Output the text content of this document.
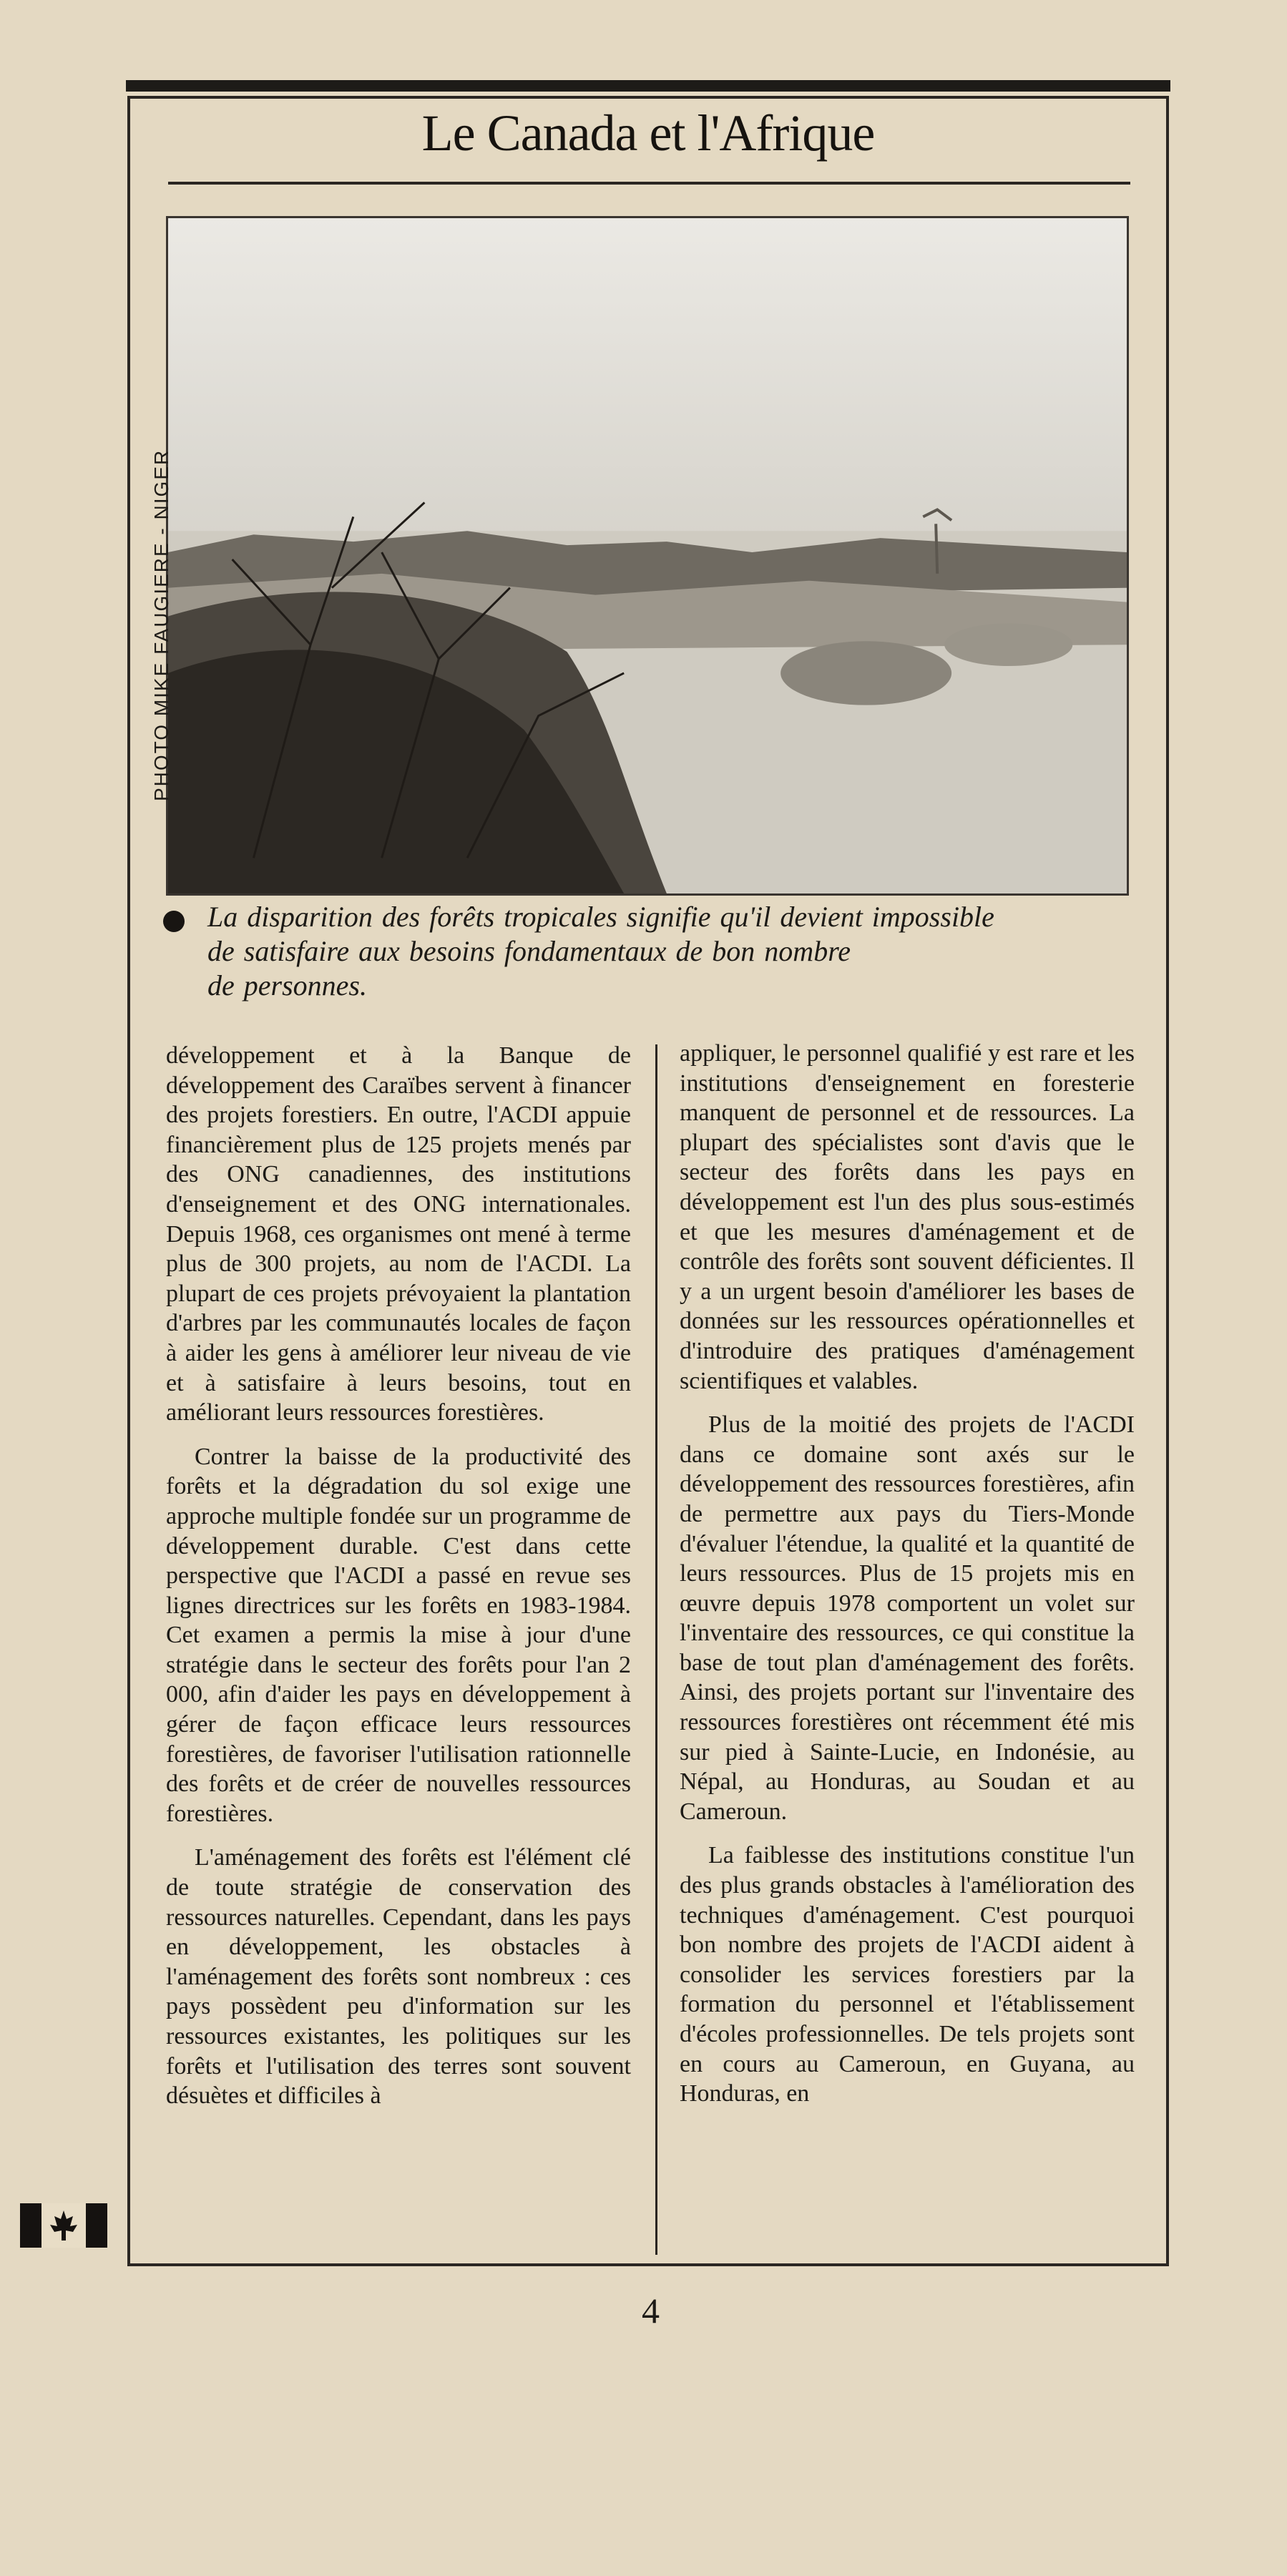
Le Canada et l'Afrique
PHOTO MIKE FAUGIERE - NIGER
La disparition des forêts tropicales signifie qu'il devient impossible
de satisfaire aux besoins fondamentaux de bon nombre
de personnes.

développement et à la Banque de développement des Caraïbes servent à financer des projets forestiers. En outre, l'ACDI appuie financièrement plus de 125 projets menés par des ONG canadiennes, des institutions d'enseignement et des ONG internationales. Depuis 1968, ces organismes ont mené à terme plus de 300 projets, au nom de l'ACDI. La plupart de ces projets prévoyaient la plantation d'arbres par les communautés locales de façon à aider les gens à améliorer leur niveau de vie et à satisfaire à leurs besoins, tout en améliorant leurs ressources forestières.

Contrer la baisse de la productivité des forêts et la dégradation du sol exige une approche multiple fondée sur un programme de développement durable. C'est dans cette perspective que l'ACDI a passé en revue ses lignes directrices sur les forêts en 1983-1984. Cet examen a permis la mise à jour d'une stratégie dans le secteur des forêts pour l'an 2 000, afin d'aider les pays en développement à gérer de façon efficace leurs ressources forestières, de favoriser l'utilisation rationnelle des forêts et de créer de nouvelles ressources forestières.

L'aménagement des forêts est l'élément clé de toute stratégie de conservation des ressources naturelles. Cependant, dans les pays en développement, les obstacles à l'aménagement des forêts sont nombreux : ces pays possèdent peu d'information sur les ressources existantes, les politiques sur les forêts et l'utilisation des terres sont souvent désuètes et difficiles à

appliquer, le personnel qualifié y est rare et les institutions d'enseignement en foresterie manquent de personnel et de ressources. La plupart des spécialistes sont d'avis que le secteur des forêts dans les pays en développement est l'un des plus sous-estimés et que les mesures d'aménagement et de contrôle des forêts sont souvent déficientes. Il y a un urgent besoin d'améliorer les bases de données sur les ressources opérationnelles et d'introduire des pratiques d'aménagement scientifiques et valables.

Plus de la moitié des projets de l'ACDI dans ce domaine sont axés sur le développement des ressources forestières, afin de permettre aux pays du Tiers-Monde d'évaluer l'étendue, la qualité et la quantité de leurs ressources. Plus de 15 projets mis en œuvre depuis 1978 comportent un volet sur l'inventaire des ressources, ce qui constitue la base de tout plan d'aménagement des forêts. Ainsi, des projets portant sur l'inventaire des ressources forestières ont récemment été mis sur pied à Sainte-Lucie, en Indonésie, au Népal, au Honduras, au Soudan et au Cameroun.

La faiblesse des institutions constitue l'un des plus grands obstacles à l'amélioration des techniques d'aménagement. C'est pourquoi bon nombre des projets de l'ACDI aident à consolider les services forestiers par la formation du personnel et l'établissement d'écoles professionnelles. De tels projets sont en cours au Cameroun, en Guyana, au Honduras, en

4
